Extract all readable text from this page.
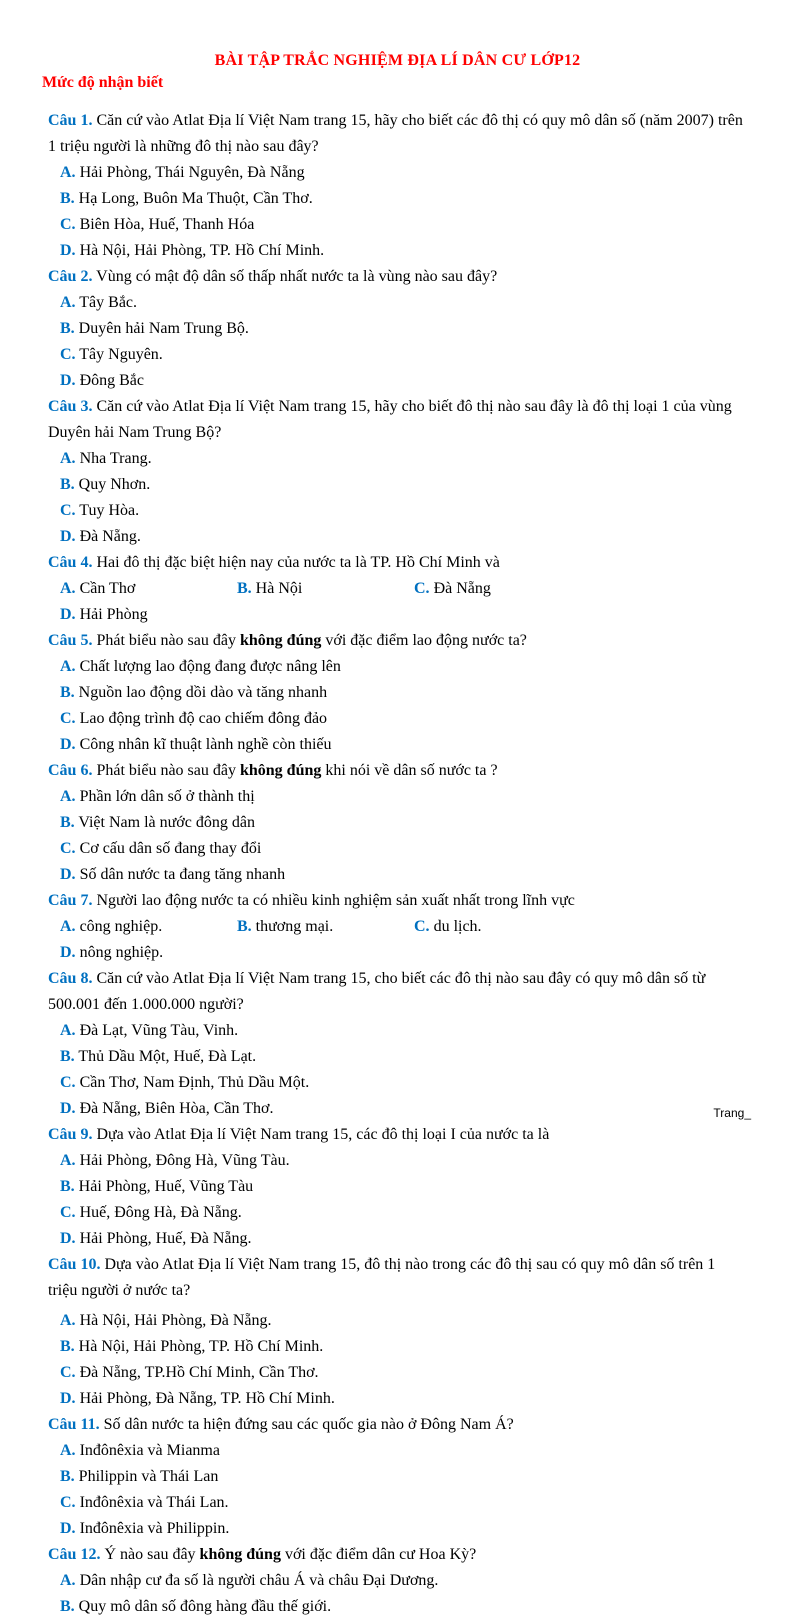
BÀI TẬP TRẮC NGHIỆM ĐỊA LÍ DÂN CƯ LỚP12
Mức độ nhận biết
Câu 1. Căn cứ vào Atlat Địa lí Việt Nam trang 15, hãy cho biết các đô thị có quy mô dân số (năm 2007) trên 1 triệu người là những đô thị nào sau đây?
A. Hải Phòng, Thái Nguyên, Đà Nẵng
B. Hạ Long, Buôn Ma Thuột, Cần Thơ.
C. Biên Hòa, Huế, Thanh Hóa
D. Hà Nội, Hải Phòng, TP. Hồ Chí Minh.
Câu 2. Vùng có mật độ dân số thấp nhất nước ta là vùng nào sau đây?
A. Tây Bắc.
B. Duyên hải Nam Trung Bộ.
C. Tây Nguyên.
D. Đông Bắc
Câu 3. Căn cứ vào Atlat Địa lí Việt Nam trang 15, hãy cho biết đô thị nào sau đây là đô thị loại 1 của vùng Duyên hải Nam Trung Bộ?
A. Nha Trang.
B. Quy Nhơn.
C. Tuy Hòa.
D. Đà Nẵng.
Câu 4. Hai đô thị đặc biệt hiện nay của nước ta là TP. Hồ Chí Minh và
A. Cần Thơ	B. Hà Nội	C. Đà Nẵng
D. Hải Phòng
Câu 5. Phát biểu nào sau đây không đúng với đặc điểm lao động nước ta?
A. Chất lượng lao động đang được nâng lên
B. Nguồn lao động dồi dào và tăng nhanh
C. Lao động trình độ cao chiếm đông đảo
D. Công nhân kĩ thuật lành nghề còn thiếu
Câu 6. Phát biểu nào sau đây không đúng khi nói về dân số nước ta ?
A. Phần lớn dân số ở thành thị
B. Việt Nam là nước đông dân
C. Cơ cấu dân số đang thay đổi
D. Số dân nước ta đang tăng nhanh
Câu 7. Người lao động nước ta có nhiều kinh nghiệm sản xuất nhất trong lĩnh vực
A. công nghiệp.	B. thương mại.	C. du lịch.
D. nông nghiệp.
Câu 8. Căn cứ vào Atlat Địa lí Việt Nam trang 15, cho biết các đô thị nào sau đây có quy mô dân số từ 500.001 đến 1.000.000 người?
A. Đà Lạt, Vũng Tàu, Vinh.
B. Thủ Dầu Một, Huế, Đà Lạt.
C. Cần Thơ, Nam Định, Thủ Dầu Một.
D. Đà Nẵng, Biên Hòa, Cần Thơ.
Câu 9. Dựa vào Atlat Địa lí Việt Nam trang 15, các đô thị loại I của nước ta là
A. Hải Phòng, Đông Hà, Vũng Tàu.
B. Hải Phòng, Huế, Vũng Tàu
C. Huế, Đông Hà, Đà Nẵng.
D. Hải Phòng, Huế, Đà Nẵng.
Câu 10. Dựa vào Atlat Địa lí Việt Nam trang 15, đô thị nào trong các đô thị sau có quy mô dân số trên 1 triệu người ở nước ta?
A. Hà Nội, Hải Phòng, Đà Nẵng.
B. Hà Nội, Hải Phòng, TP. Hồ Chí Minh.
C. Đà Nẵng, TP.Hồ Chí Minh, Cần Thơ.
D. Hải Phòng, Đà Nẵng, TP. Hồ Chí Minh.
Câu 11. Số dân nước ta hiện đứng sau các quốc gia nào ở Đông Nam Á?
A. Inđônêxia và Mianma
B. Philippin và Thái Lan
C. Inđônêxia và Thái Lan.
D. Inđônêxia và Philippin.
Câu 12. Ý nào sau đây không đúng với đặc điểm dân cư Hoa Kỳ?
A. Dân nhập cư đa số là người châu Á và châu Đại Dương.
B. Quy mô dân số đông hàng đầu thế giới.
Trang_
